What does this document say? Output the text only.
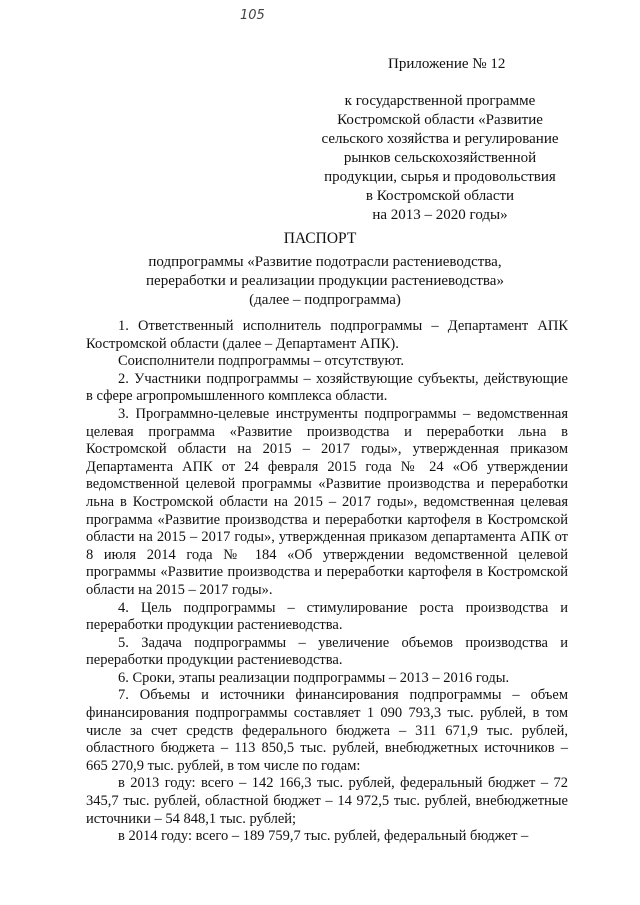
105
Приложение № 12
к государственной программе
Костромской области «Развитие
сельского хозяйства и регулирование
рынков сельскохозяйственной
продукции, сырья и продовольствия
в Костромской области
на 2013 – 2020 годы»
ПАСПОРТ
подпрограммы «Развитие подотрасли растениеводства,
переработки и реализации продукции растениеводства»
(далее – подпрограмма)

1. Ответственный исполнитель подпрограммы – Департамент АПК Костромской области (далее – Департамент АПК).

Соисполнители подпрограммы – отсутствуют.

2. Участники подпрограммы – хозяйствующие субъекты, действующие в сфере агропромышленного комплекса области.

3. Программно-целевые инструменты подпрограммы – ведомственная целевая программа «Развитие производства и переработки льна в Костромской области на 2015 – 2017 годы», утвержденная приказом Департамента АПК от 24 февраля 2015 года № 24 «Об утверждении ведомственной целевой программы «Развитие производства и переработки льна в Костромской области на 2015 – 2017 годы», ведомственная целевая программа «Развитие производства и переработки картофеля в Костромской области на 2015 – 2017 годы», утвержденная приказом департамента АПК от 8 июля 2014 года № 184 «Об утверждении ведомственной целевой программы «Развитие производства и переработки картофеля в Костромской области на 2015 – 2017 годы».

4. Цель подпрограммы – стимулирование роста производства и переработки продукции растениеводства.

5. Задача подпрограммы – увеличение объемов производства и переработки продукции растениеводства.

6. Сроки, этапы реализации подпрограммы – 2013 – 2016 годы.

7. Объемы и источники финансирования подпрограммы – объем финансирования подпрограммы составляет 1 090 793,3 тыс. рублей, в том числе за счет средств федерального бюджета – 311 671,9 тыс. рублей, областного бюджета – 113 850,5 тыс. рублей, внебюджетных источников – 665 270,9 тыс. рублей, в том числе по годам:

в 2013 году: всего – 142 166,3 тыс. рублей, федеральный бюджет – 72 345,7 тыс. рублей, областной бюджет – 14 972,5 тыс. рублей, внебюджетные источники – 54 848,1 тыс. рублей;

в 2014 году: всего – 189 759,7 тыс. рублей, федеральный бюджет –
